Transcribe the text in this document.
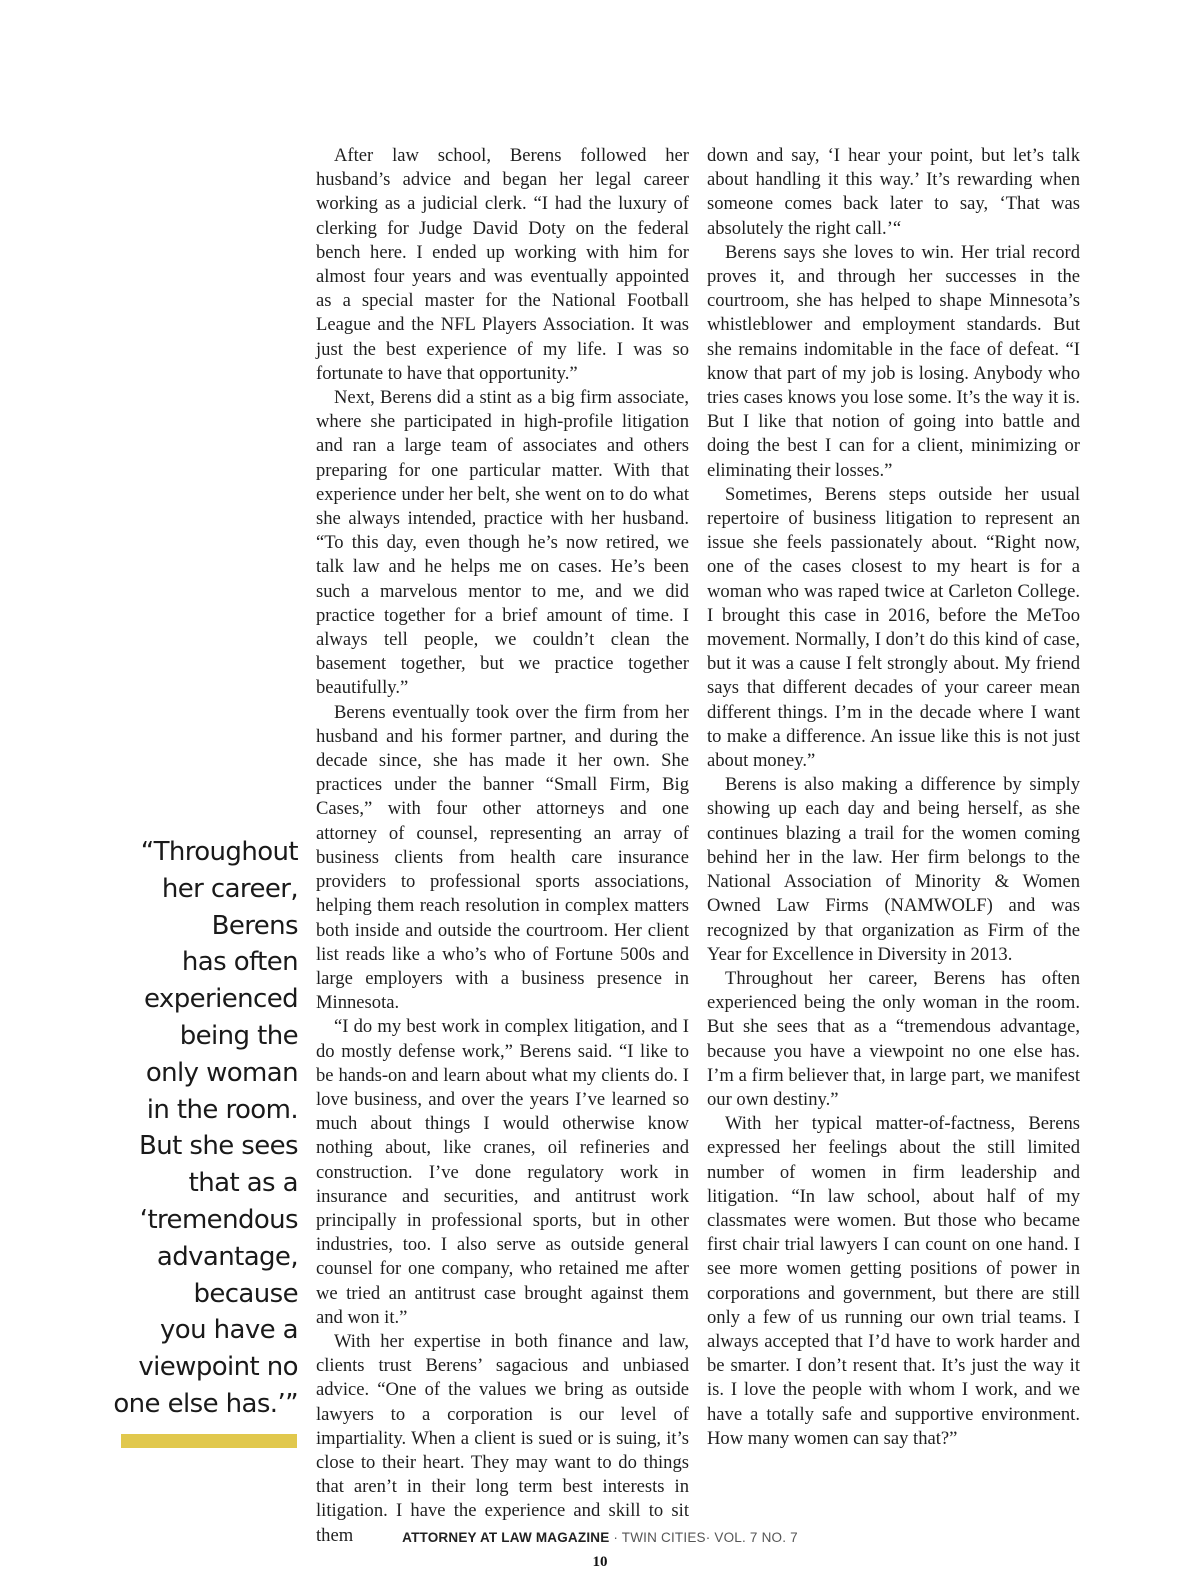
“Throughout
her career,
Berens
has often
experienced
being the
only woman
in the room.
But she sees
that as a
‘tremendous
advantage,
because
you have a
viewpoint no
one else has.’”

After law school, Berens followed her husband’s advice and began her legal career working as a judicial clerk. “I had the luxury of clerking for Judge David Doty on the federal bench here. I ended up working with him for almost four years and was eventually appointed as a special master for the National Football League and the NFL Players Association. It was just the best experience of my life. I was so fortunate to have that opportunity.”

Next, Berens did a stint as a big firm associate, where she participated in high-profile litigation and ran a large team of associates and others preparing for one particular matter. With that experience under her belt, she went on to do what she always intended, practice with her husband. “To this day, even though he’s now retired, we talk law and he helps me on cases. He’s been such a marvelous mentor to me, and we did practice together for a brief amount of time. I always tell people, we couldn’t clean the basement together, but we practice together beautifully.”

Berens eventually took over the firm from her husband and his former partner, and during the decade since, she has made it her own. She practices under the banner “Small Firm, Big Cases,” with four other attorneys and one attorney of counsel, representing an array of business clients from health care insurance providers to professional sports associations, helping them reach resolution in complex matters both inside and outside the courtroom. Her client list reads like a who’s who of Fortune 500s and large employers with a business presence in Minnesota.

“I do my best work in complex litigation, and I do mostly defense work,” Berens said. “I like to be hands-on and learn about what my clients do. I love business, and over the years I’ve learned so much about things I would otherwise know nothing about, like cranes, oil refineries and construction. I’ve done regulatory work in insurance and securities, and antitrust work principally in professional sports, but in other industries, too. I also serve as outside general counsel for one company, who retained me after we tried an antitrust case brought against them and won it.”

With her expertise in both finance and law, clients trust Berens’ sagacious and unbiased advice. “One of the values we bring as outside lawyers to a corporation is our level of impartiality. When a client is sued or is suing, it’s close to their heart. They may want to do things that aren’t in their long term best interests in litigation. I have the experience and skill to sit them

down and say, ‘I hear your point, but let’s talk about handling it this way.’ It’s rewarding when someone comes back later to say, ‘That was absolutely the right call.’“

Berens says she loves to win. Her trial record proves it, and through her successes in the courtroom, she has helped to shape Minnesota’s whistleblower and employment standards. But she remains indomitable in the face of defeat. “I know that part of my job is losing. Anybody who tries cases knows you lose some. It’s the way it is. But I like that notion of going into battle and doing the best I can for a client, minimizing or eliminating their losses.”

Sometimes, Berens steps outside her usual repertoire of business litigation to represent an issue she feels passionately about. “Right now, one of the cases closest to my heart is for a woman who was raped twice at Carleton College. I brought this case in 2016, before the MeToo movement. Normally, I don’t do this kind of case, but it was a cause I felt strongly about. My friend says that different decades of your career mean different things. I’m in the decade where I want to make a difference. An issue like this is not just about money.”

Berens is also making a difference by simply showing up each day and being herself, as she continues blazing a trail for the women coming behind her in the law. Her firm belongs to the National Association of Minority & Women Owned Law Firms (NAMWOLF) and was recognized by that organization as Firm of the Year for Excellence in Diversity in 2013.

Throughout her career, Berens has often experienced being the only woman in the room. But she sees that as a “tremendous advantage, because you have a viewpoint no one else has. I’m a firm believer that, in large part, we manifest our own destiny.”

With her typical matter-of-factness, Berens expressed her feelings about the still limited number of women in firm leadership and litigation. “In law school, about half of my classmates were women. But those who became first chair trial lawyers I can count on one hand. I see more women getting positions of power in corporations and government, but there are still only a few of us running our own trial teams. I always accepted that I’d have to work harder and be smarter. I don’t resent that. It’s just the way it is. I love the people with whom I work, and we have a totally safe and supportive environment. How many women can say that?”

ATTORNEY AT LAW MAGAZINE · TWIN CITIES· VOL. 7 NO. 7
10
